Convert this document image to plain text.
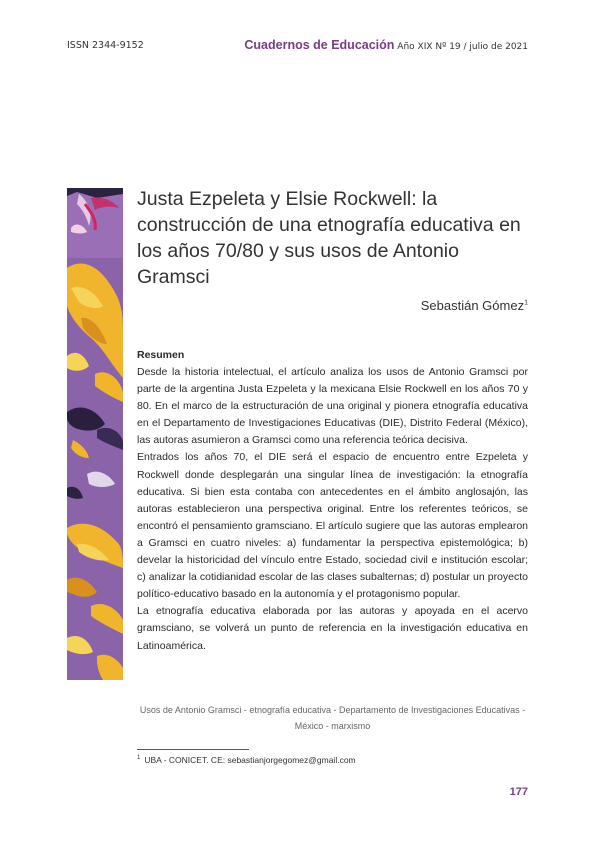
ISSN 2344-9152	Cuadernos de Educación Año XIX Nº 19 / julio de 2021
Justa Ezpeleta y Elsie Rockwell: la construcción de una etnografía educativa en los años 70/80 y sus usos de Antonio Gramsci
Sebastián Gómez$^1$
Resumen

Desde la historia intelectual, el artículo analiza los usos de Antonio Gramsci por parte de la argentina Justa Ezpeleta y la mexicana Elsie Rockwell en los años 70 y 80. En el marco de la estructuración de una original y pionera etnografía educativa en el Departamento de Investigaciones Educativas (DIE), Distrito Federal (México), las autoras asumieron a Gramsci como una referencia teórica decisiva.

Entrados los años 70, el DIE será el espacio de encuentro entre Ezpeleta y Rockwell donde desplegarán una singular línea de investigación: la etnografía educativa. Si bien esta contaba con antecedentes en el ámbito anglosajón, las autoras establecieron una perspectiva original. Entre los referentes teóricos, se encontró el pensamiento gramsciano. El artículo sugiere que las autoras emplearon a Gramsci en cuatro niveles: a) fundamentar la perspectiva epistemológica; b) develar la historicidad del vínculo entre Estado, sociedad civil e institución escolar; c) analizar la cotidianidad escolar de las clases subalternas; d) postular un proyecto político-educativo basado en la autonomía y el protagonismo popular.

La etnografía educativa elaborada por las autoras y apoyada en el acervo gramsciano, se volverá un punto de referencia en la investigación educativa en Latinoamérica.

Usos de Antonio Gramsci - etnografía educativa - Departamento de Investigaciones Educativas - México - marxismo
$^1$ UBA - CONICET. CE: sebastianjorgegomez@gmail.com
177
